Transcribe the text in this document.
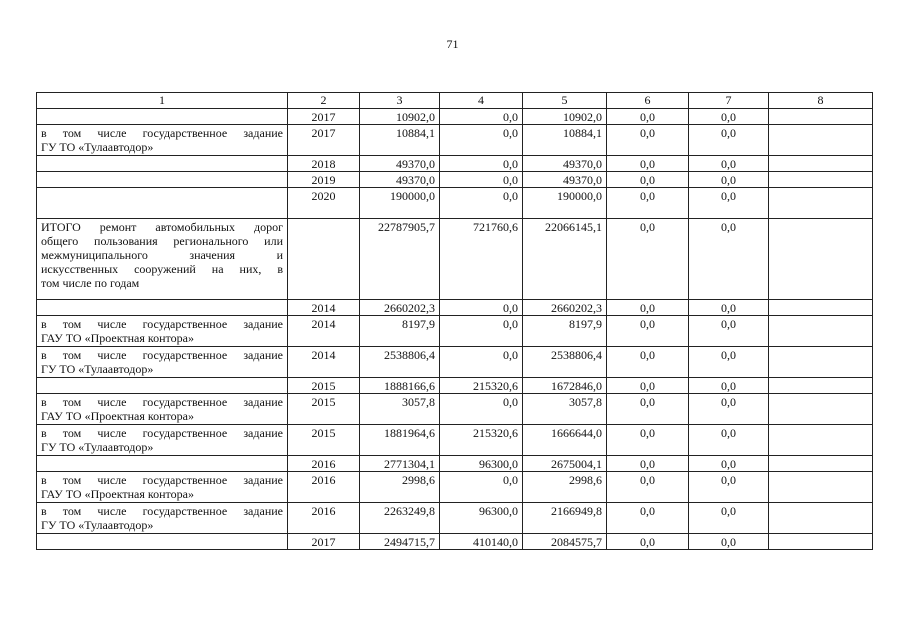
71
1	2	3	4	5	6	7	8
	2017	10902,0	0,0	10902,0	0,0	0,0	

в том числе государственное задание
ГУ ТО «Тулаавтодор»	2017	10884,1	0,0	10884,1	0,0	0,0	
	2018	49370,0	0,0	49370,0	0,0	0,0	
	2019	49370,0	0,0	49370,0	0,0	0,0	
	2020	190000,0	0,0	190000,0	0,0	0,0	

ИТОГО ремонт автомобильных дорог
общего пользования регионального или
межмуниципального значения и
искусственных сооружений на них, в
том числе по годам		22787905,7	721760,6	22066145,1	0,0	0,0	
	2014	2660202,3	0,0	2660202,3	0,0	0,0	

в том числе государственное задание
ГАУ ТО «Проектная контора»	2014	8197,9	0,0	8197,9	0,0	0,0	

в том числе государственное задание
ГУ ТО «Тулаавтодор»	2014	2538806,4	0,0	2538806,4	0,0	0,0	
	2015	1888166,6	215320,6	1672846,0	0,0	0,0	

в том числе государственное задание
ГАУ ТО «Проектная контора»	2015	3057,8	0,0	3057,8	0,0	0,0	

в том числе государственное задание
ГУ ТО «Тулаавтодор»	2015	1881964,6	215320,6	1666644,0	0,0	0,0	
	2016	2771304,1	96300,0	2675004,1	0,0	0,0	

в том числе государственное задание
ГАУ ТО «Проектная контора»	2016	2998,6	0,0	2998,6	0,0	0,0	

в том числе государственное задание
ГУ ТО «Тулаавтодор»	2016	2263249,8	96300,0	2166949,8	0,0	0,0	
	2017	2494715,7	410140,0	2084575,7	0,0	0,0	
